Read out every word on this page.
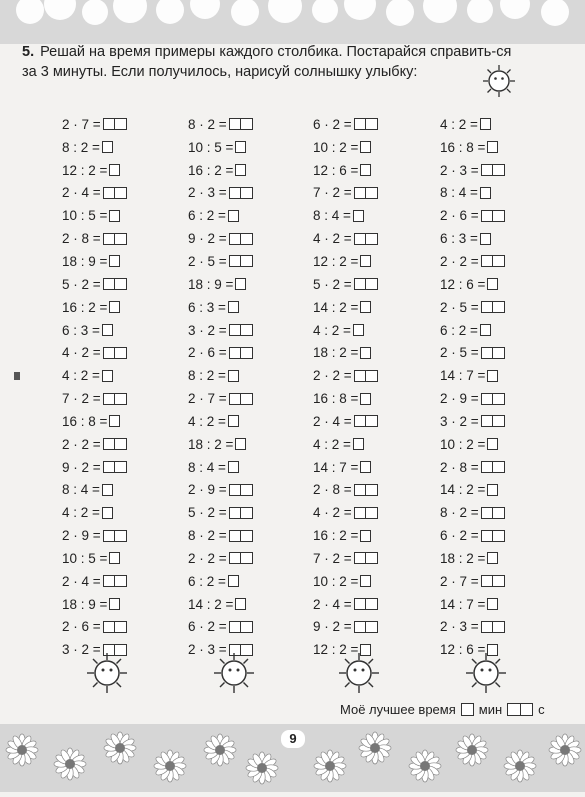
5. Решай на время примеры каждого столбика. Постарайся справить-ся за 3 минуты. Если получилось, нарисуй солнышку улыбку:
2 · 7 =
8 : 2 =
12 : 2 =
2 · 4 =
10 : 5 =
2 · 8 =
18 : 9 =
5 · 2 =
16 : 2 =
6 : 3 =
4 · 2 =
4 : 2 =
7 · 2 =
16 : 8 =
2 · 2 =
9 · 2 =
8 : 4 =
4 : 2 =
2 · 9 =
10 : 5 =
2 · 4 =
18 : 9 =
2 · 6 =
3 · 2 =
8 · 2 =
10 : 5 =
16 : 2 =
2 · 3 =
6 : 2 =
9 · 2 =
2 · 5 =
18 : 9 =
6 : 3 =
3 · 2 =
2 · 6 =
8 : 2 =
2 · 7 =
4 : 2 =
18 : 2 =
8 : 4 =
2 · 9 =
5 · 2 =
8 · 2 =
2 · 2 =
6 : 2 =
14 : 2 =
6 · 2 =
2 · 3 =
6 · 2 =
10 : 2 =
12 : 6 =
7 · 2 =
8 : 4 =
4 · 2 =
12 : 2 =
5 · 2 =
14 : 2 =
4 : 2 =
18 : 2 =
2 · 2 =
16 : 8 =
2 · 4 =
4 : 2 =
14 : 7 =
2 · 8 =
4 · 2 =
16 : 2 =
7 · 2 =
10 : 2 =
2 · 4 =
9 · 2 =
12 : 2 =
4 : 2 =
16 : 8 =
2 · 3 =
8 : 4 =
2 · 6 =
6 : 3 =
2 · 2 =
12 : 6 =
2 · 5 =
6 : 2 =
2 · 5 =
14 : 7 =
2 · 9 =
3 · 2 =
10 : 2 =
2 · 8 =
14 : 2 =
8 · 2 =
6 · 2 =
18 : 2 =
2 · 7 =
14 : 7 =
2 · 3 =
12 : 6 =
Моё лучшее время мин	с
9
